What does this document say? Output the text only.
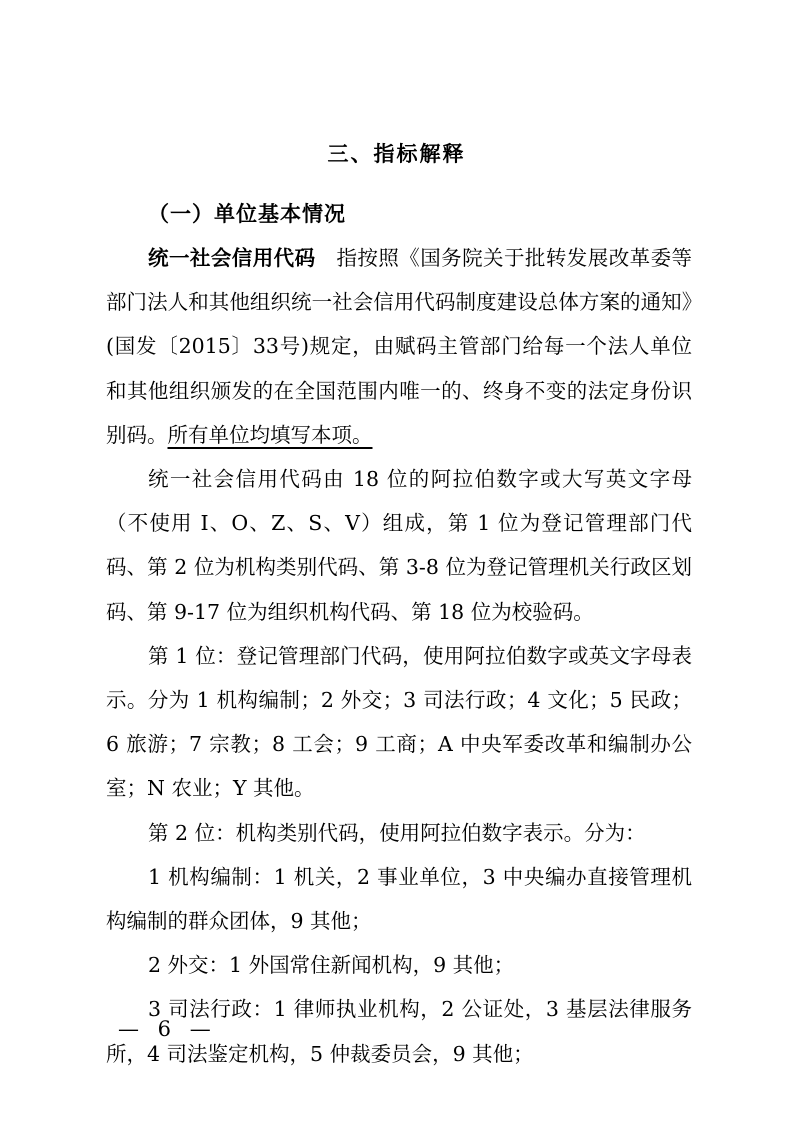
三、指标解释
（一）单位基本情况

统一社会信用代码　指按照《国务院关于批转发展改革委等部门法人和其他组织统一社会信用代码制度建设总体方案的通知》(国发〔2015〕33号)规定，由赋码主管部门给每一个法人单位和其他组织颁发的在全国范围内唯一的、终身不变的法定身份识别码。所有单位均填写本项。

统一社会信用代码由 18 位的阿拉伯数字或大写英文字母（不使用 I、O、Z、S、V）组成，第 1 位为登记管理部门代码、第 2 位为机构类别代码、第 3-8 位为登记管理机关行政区划码、第 9-17 位为组织机构代码、第 18 位为校验码。

第 1 位：登记管理部门代码，使用阿拉伯数字或英文字母表示。分为 1 机构编制；2 外交；3 司法行政；4 文化；5 民政；6 旅游；7 宗教；8 工会；9 工商；A 中央军委改革和编制办公室；N 农业；Y 其他。

第 2 位：机构类别代码，使用阿拉伯数字表示。分为：

1 机构编制：1 机关，2 事业单位，3 中央编办直接管理机构编制的群众团体，9 其他；

2 外交：1 外国常住新闻机构，9 其他；

3 司法行政：1 律师执业机构，2 公证处，3 基层法律服务所，4 司法鉴定机构，5 仲裁委员会，9 其他；

— 6 —
